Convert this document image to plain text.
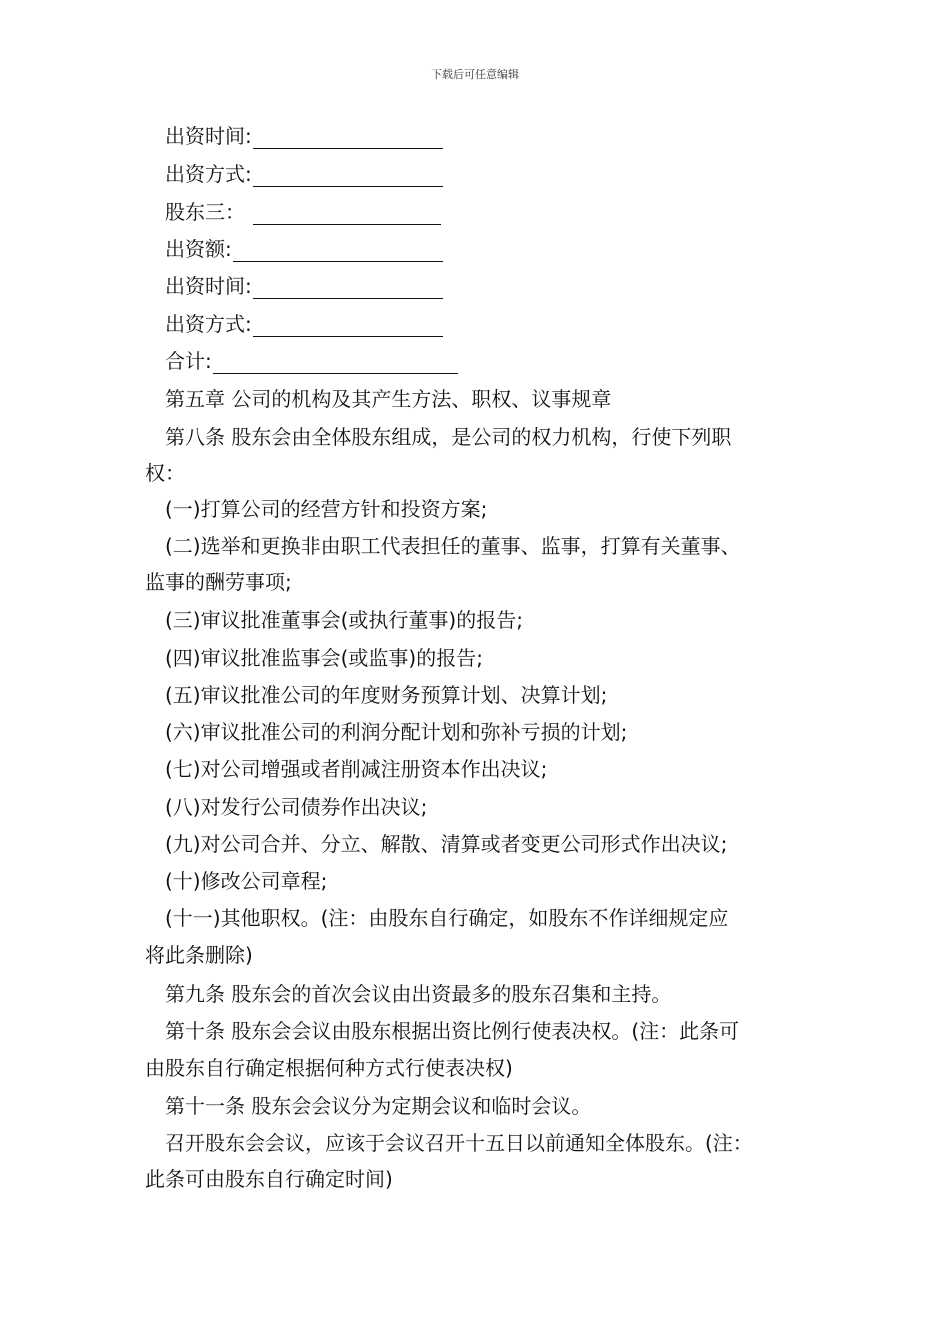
下载后可任意编辑
出资时间:
出资方式:
股东三：
出资额:
出资时间:
出资方式:
合计:
第五章 公司的机构及其产生方法、职权、议事规章
第八条 股东会由全体股东组成，是公司的权力机构，行使下列职
权：
(一)打算公司的经营方针和投资方案;
(二)选举和更换非由职工代表担任的董事、监事，打算有关董事、
监事的酬劳事项;
(三)审议批准董事会(或执行董事)的报告;
(四)审议批准监事会(或监事)的报告;
(五)审议批准公司的年度财务预算计划、决算计划;
(六)审议批准公司的利润分配计划和弥补亏损的计划;
(七)对公司增强或者削减注册资本作出决议;
(八)对发行公司债券作出决议;
(九)对公司合并、分立、解散、清算或者变更公司形式作出决议;
(十)修改公司章程;
(十一)其他职权。(注：由股东自行确定，如股东不作详细规定应
将此条删除)
第九条 股东会的首次会议由出资最多的股东召集和主持。
第十条 股东会会议由股东根据出资比例行使表决权。(注：此条可
由股东自行确定根据何种方式行使表决权)
第十一条 股东会会议分为定期会议和临时会议。
召开股东会会议，应该于会议召开十五日以前通知全体股东。(注：
此条可由股东自行确定时间)
